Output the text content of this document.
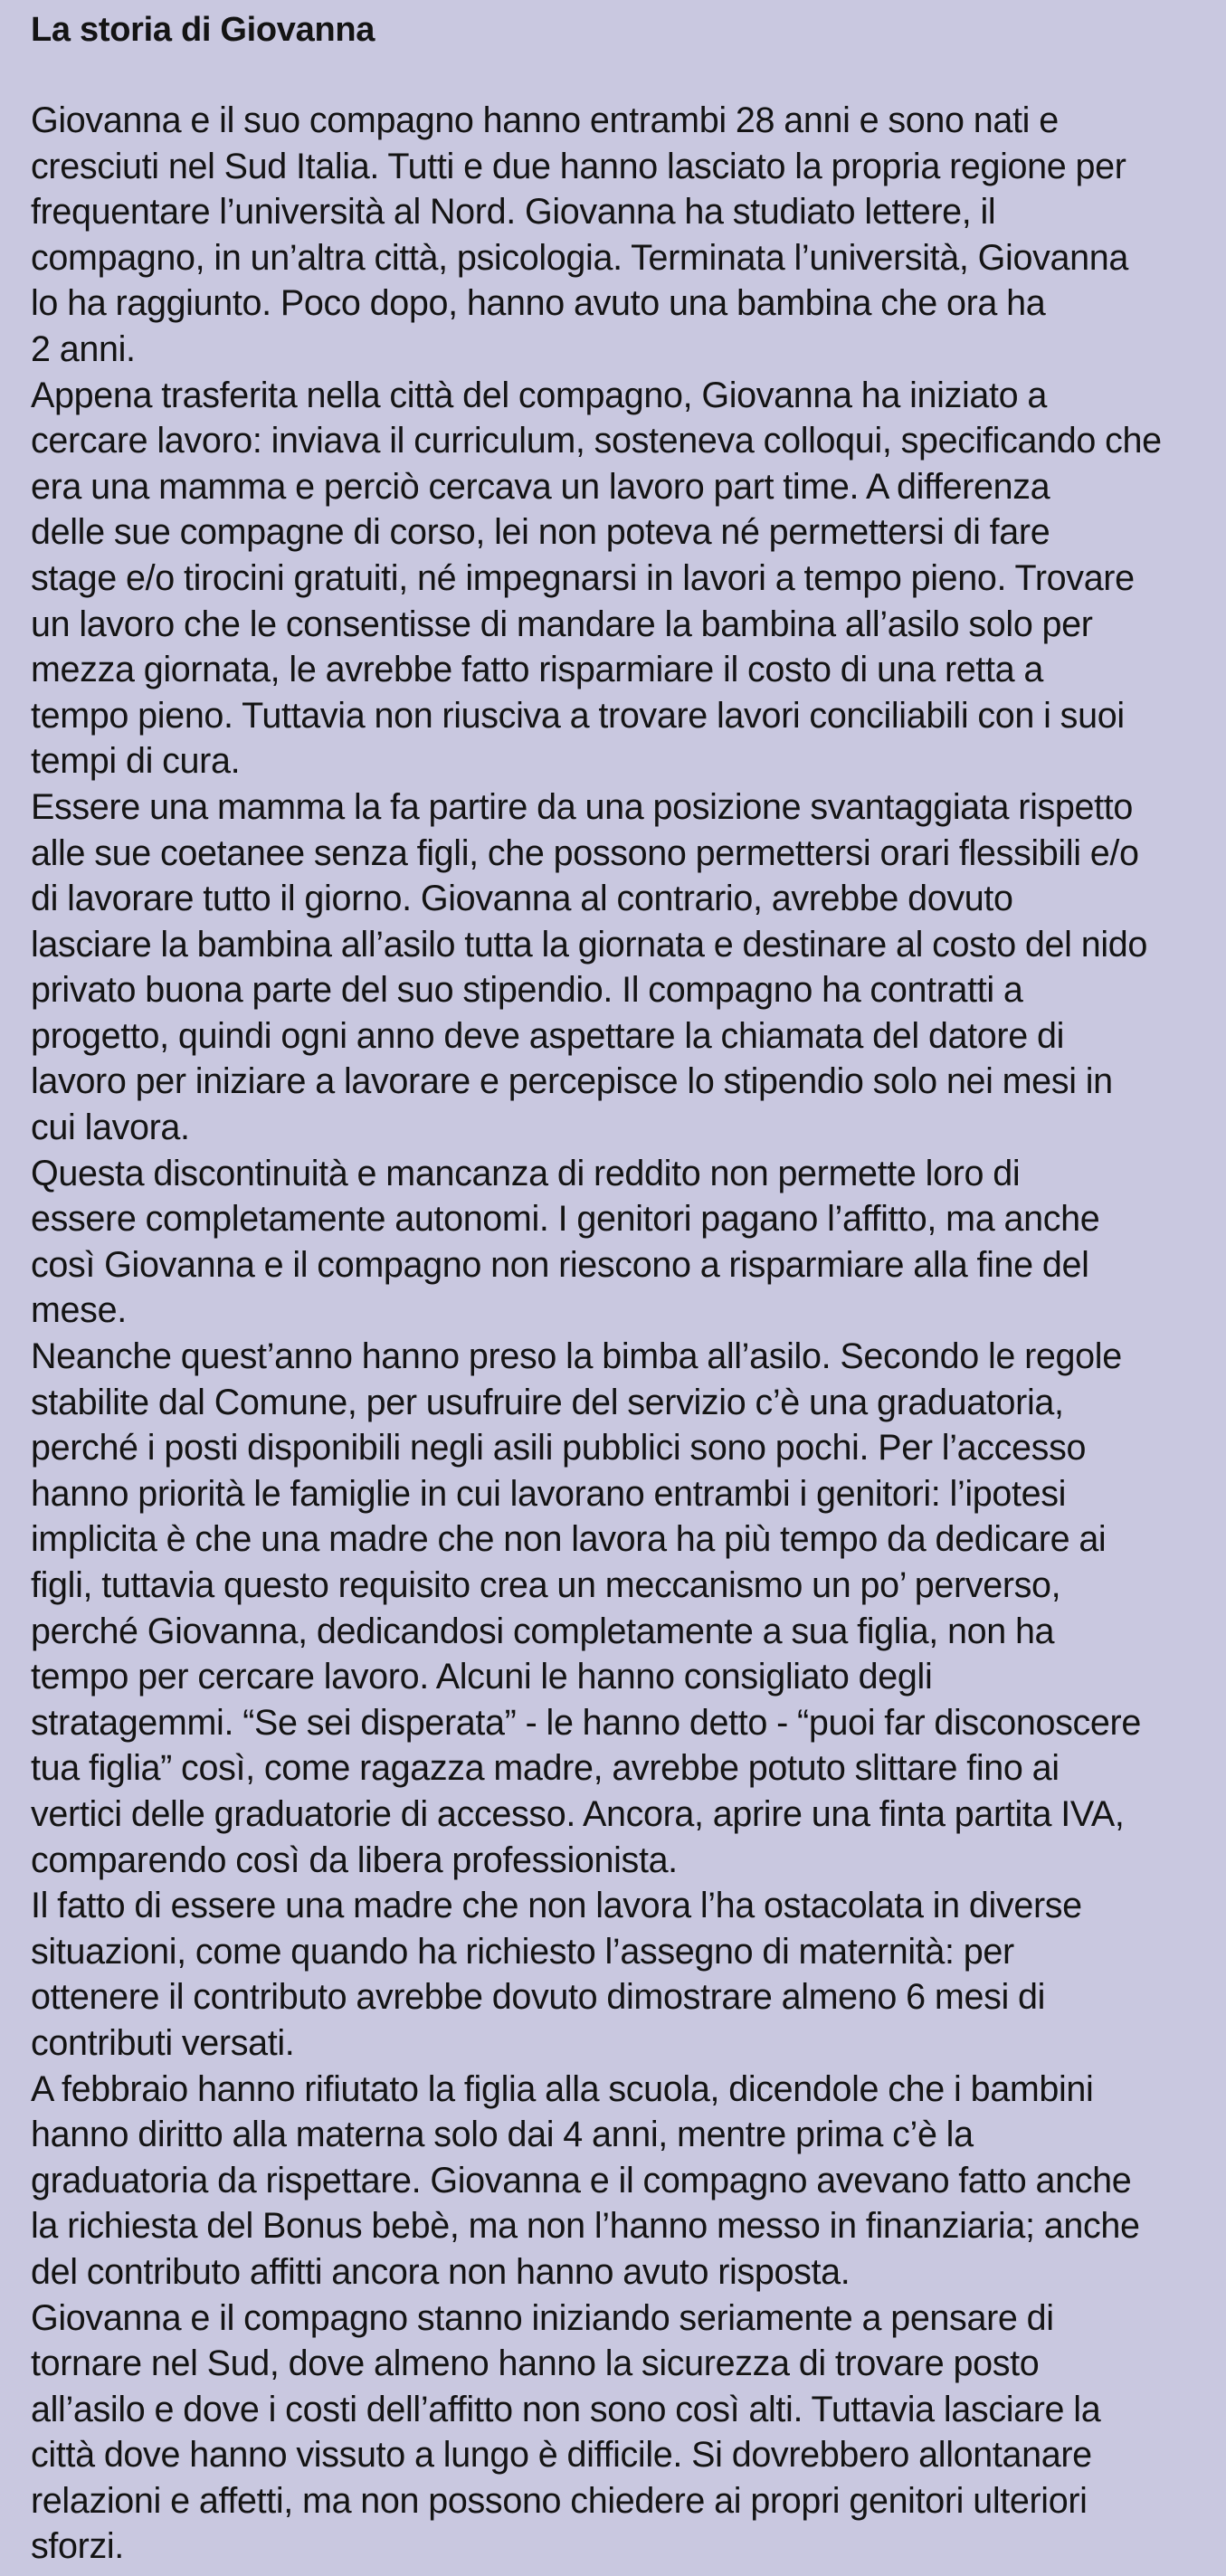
La storia di Giovanna
Giovanna e il suo compagno hanno entrambi 28 anni e sono nati e
cresciuti nel Sud Italia. Tutti e due hanno lasciato la propria regione per
frequentare l’università al Nord. Giovanna ha studiato lettere, il
compagno, in un’altra città, psicologia. Terminata l’università, Giovanna
lo ha raggiunto. Poco dopo, hanno avuto una bambina che ora ha
2 anni.
Appena trasferita nella città del compagno, Giovanna ha iniziato a
cercare lavoro: inviava il curriculum, sosteneva colloqui, specificando che
era una mamma e perciò cercava un lavoro part time. A differenza
delle sue compagne di corso, lei non poteva né permettersi di fare
stage e/o tirocini gratuiti, né impegnarsi in lavori a tempo pieno. Trovare
un lavoro che le consentisse di mandare la bambina all’asilo solo per
mezza giornata, le avrebbe fatto risparmiare il costo di una retta a
tempo pieno. Tuttavia non riusciva a trovare lavori conciliabili con i suoi
tempi di cura.
Essere una mamma la fa partire da una posizione svantaggiata rispetto
alle sue coetanee senza figli, che possono permettersi orari flessibili e/o
di lavorare tutto il giorno. Giovanna al contrario, avrebbe dovuto
lasciare la bambina all’asilo tutta la giornata e destinare al costo del nido
privato buona parte del suo stipendio. Il compagno ha contratti a
progetto, quindi ogni anno deve aspettare la chiamata del datore di
lavoro per iniziare a lavorare e percepisce lo stipendio solo nei mesi in
cui lavora.
Questa discontinuità e mancanza di reddito non permette loro di
essere completamente autonomi. I genitori pagano l’affitto, ma anche
così Giovanna e il compagno non riescono a risparmiare alla fine del
mese.
Neanche quest’anno hanno preso la bimba all’asilo. Secondo le regole
stabilite dal Comune, per usufruire del servizio c’è una graduatoria,
perché i posti disponibili negli asili pubblici sono pochi. Per l’accesso
hanno priorità le famiglie in cui lavorano entrambi i genitori: l’ipotesi
implicita è che una madre che non lavora ha più tempo da dedicare ai
figli, tuttavia questo requisito crea un meccanismo un po’ perverso,
perché Giovanna, dedicandosi completamente a sua figlia, non ha
tempo per cercare lavoro. Alcuni le hanno consigliato degli
stratagemmi. “Se sei disperata” - le hanno detto - “puoi far disconoscere
tua figlia” così, come ragazza madre, avrebbe potuto slittare fino ai
vertici delle graduatorie di accesso. Ancora, aprire una finta partita IVA,
comparendo così da libera professionista.
Il fatto di essere una madre che non lavora l’ha ostacolata in diverse
situazioni, come quando ha richiesto l’assegno di maternità: per
ottenere il contributo avrebbe dovuto dimostrare almeno 6 mesi di
contributi versati.
A febbraio hanno rifiutato la figlia alla scuola, dicendole che i bambini
hanno diritto alla materna solo dai 4 anni, mentre prima c’è la
graduatoria da rispettare. Giovanna e il compagno avevano fatto anche
la richiesta del Bonus bebè, ma non l’hanno messo in finanziaria; anche
del contributo affitti ancora non hanno avuto risposta.
Giovanna e il compagno stanno iniziando seriamente a pensare di
tornare nel Sud, dove almeno hanno la sicurezza di trovare posto
all’asilo e dove i costi dell’affitto non sono così alti. Tuttavia lasciare la
città dove hanno vissuto a lungo è difficile. Si dovrebbero allontanare
relazioni e affetti, ma non possono chiedere ai propri genitori ulteriori
sforzi.
